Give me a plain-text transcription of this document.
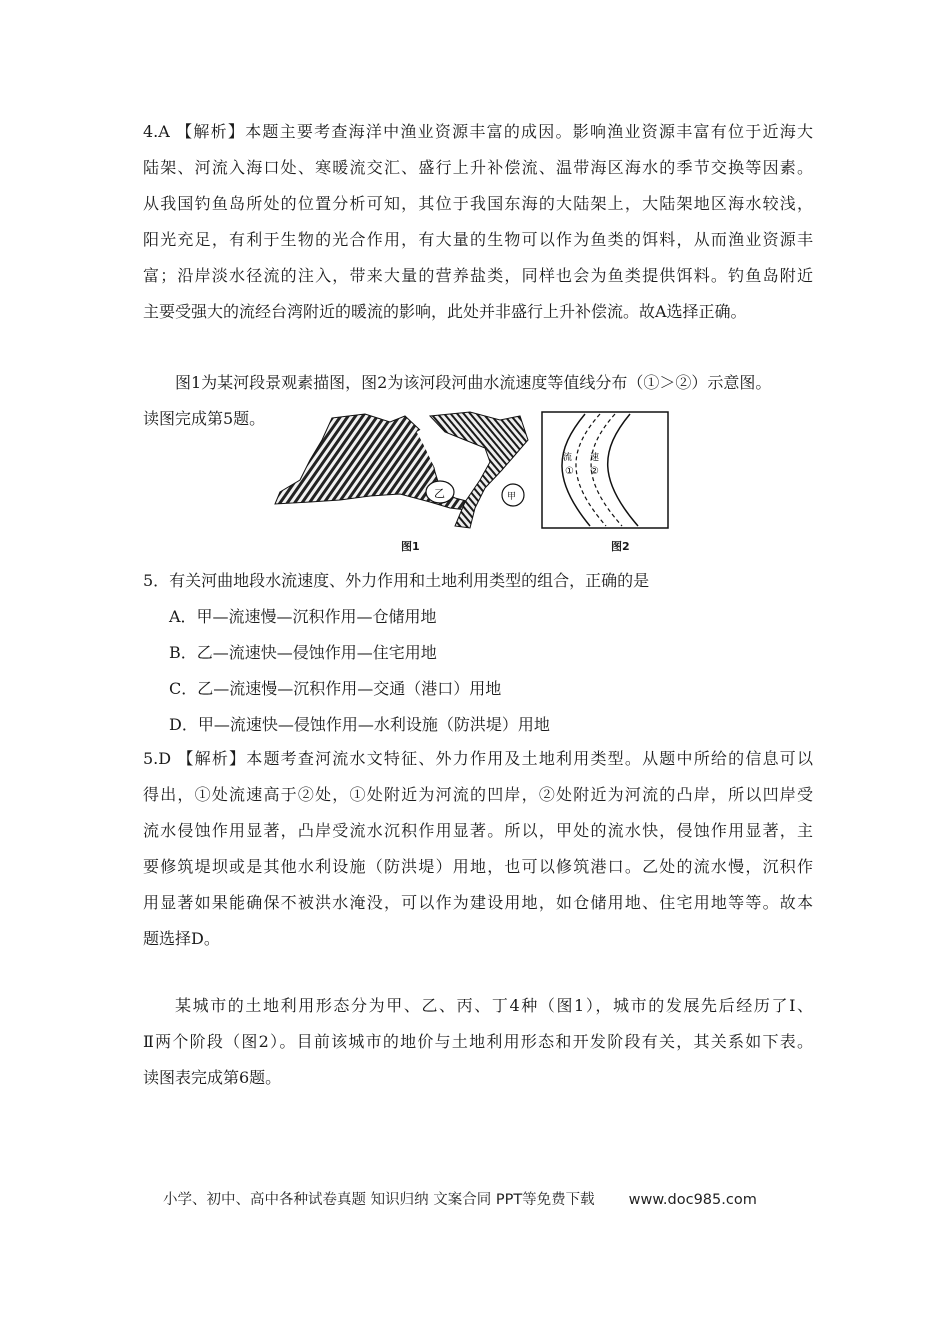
4.A 【解析】本题主要考查海洋中渔业资源丰富的成因。影响渔业资源丰富有位于近海大
陆架、河流入海口处、寒暖流交汇、盛行上升补偿流、温带海区海水的季节交换等因素。
从我国钓鱼岛所处的位置分析可知，其位于我国东海的大陆架上，大陆架地区海水较浅，
阳光充足，有利于生物的光合作用，有大量的生物可以作为鱼类的饵料，从而渔业资源丰
富；沿岸淡水径流的注入，带来大量的营养盐类，同样也会为鱼类提供饵料。钓鱼岛附近
主要受强大的流经台湾附近的暖流的影响，此处并非盛行上升补偿流。故A选择正确。
图1为某河段景观素描图，图2为该河段河曲水流速度等值线分布（①＞②）示意图。
读图完成第5题。
乙	甲
流 速
① ②
图1	图2
5．有关河曲地段水流速度、外力作用和土地利用类型的组合，正确的是
A．甲—流速慢—沉积作用—仓储用地
B．乙—流速快—侵蚀作用—住宅用地
C．乙—流速慢—沉积作用—交通（港口）用地
D．甲—流速快—侵蚀作用—水利设施（防洪堤）用地
5.D 【解析】本题考查河流水文特征、外力作用及土地利用类型。从题中所给的信息可以
得出，①处流速高于②处，①处附近为河流的凹岸，②处附近为河流的凸岸，所以凹岸受
流水侵蚀作用显著，凸岸受流水沉积作用显著。所以，甲处的流水快，侵蚀作用显著，主
要修筑堤坝或是其他水利设施（防洪堤）用地，也可以修筑港口。乙处的流水慢，沉积作
用显著如果能确保不被洪水淹没，可以作为建设用地，如仓储用地、住宅用地等等。故本
题选择D。
某城市的土地利用形态分为甲、乙、丙、丁4种（图1），城市的发展先后经历了Ⅰ、
Ⅱ两个阶段（图2）。目前该城市的地价与土地利用形态和开发阶段有关，其关系如下表。
读图表完成第6题。
小学、初中、高中各种试卷真题 知识归纳 文案合同 PPT等免费下载 www.doc985.com
